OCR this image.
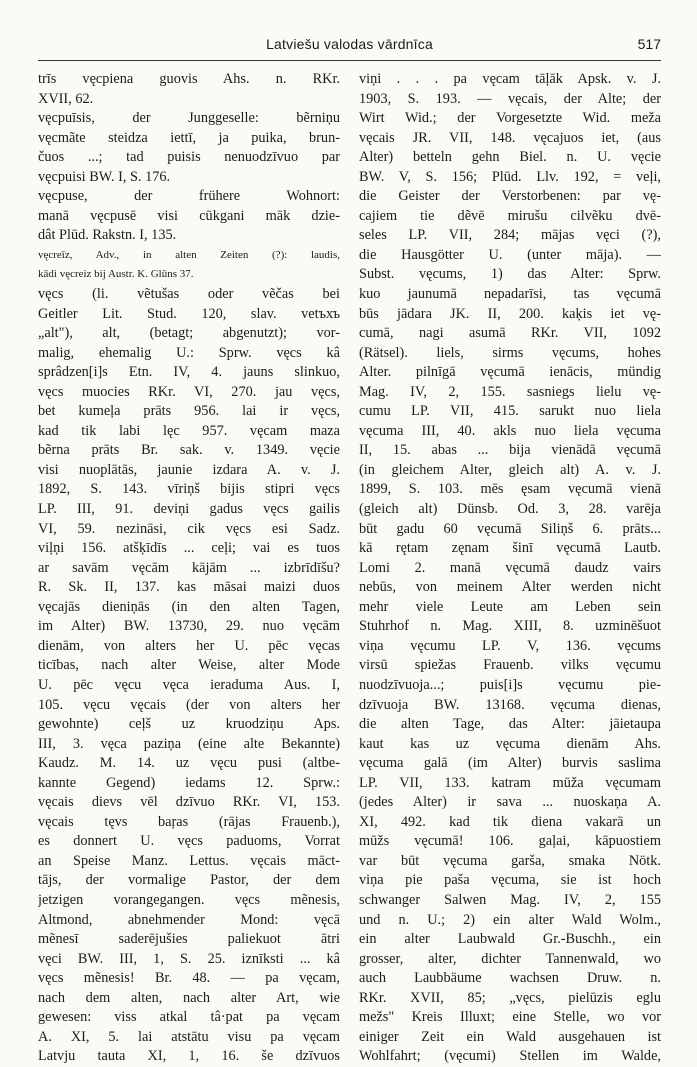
Latviešu valodas vārdnīca	517
trīs vęcpiena guovis Ahs. n. RKr.
XVII, 62.
vęcpuīsis, der Junggeselle: bẽrniņu
vęcmãte steidza iettī, ja puika, brun-
čuos ...; tad puisis nenuodzīvuo par
vęcpuisi BW. I, S. 176.
vęcpuse, der frühere Wohnort:
manā vęcpusē visi cūkgani māk dzie-
dât Plūd. Rakstn. I, 135.
vęcreīz, Adv., in alten Zeiten (?): laudis,
kādi vęcreiz bij Austr. K. Glūns 37.
vęcs (li. vẽtušas oder vẽčas bei
Geitler Lit. Stud. 120, slav. vetъхъ
„alt"), alt, (betagt; abgenutzt); vor-
malig, ehemalig U.: Sprw. vęcs kâ
sprâdzen[i]s Etn. IV, 4. jauns slinkuo,
vęcs muocies RKr. VI, 270. jau vęcs,
bet kumeļa prāts 956. lai ir vęcs,
kad tik labi lęc 957. vęcam maza
bẽrna prāts Br. sak. v. 1349. vęcie
visi nuoplātās, jaunie izdara A. v. J.
1892, S. 143. vīriņš bijis stipri vęcs
LP. III, 91. deviņi gadus vęcs gailis
VI, 59. nezināsi, cik vęcs esi Sadz.
viļņi 156. atšķīdīs ... ceļi; vai es tuos
ar savām vęcām kājām ... izbrīdīšu?
R. Sk. II, 137. kas māsai maizi duos
vęcajās dieniņās (in den alten Tagen,
im Alter) BW. 13730, 29. nuo vęcām
dienām, von alters her U. pēc vęcas
ticības, nach alter Weise, alter Mode
U. pēc vęcu vęca ieraduma Aus. I,
105. vęcu vęcais (der von alters her
gewohnte) ceļš uz kruodziņu Aps.
III, 3. vęca paziņa (eine alte Bekannte)
Kaudz. M. 14. uz vęcu pusi (altbe-
kannte Gegend) iedams 12. Sprw.:
vęcais dievs vēl dzīvuo RKr. VI, 153.
vęcais tęvs baŗas (rājas Frauenb.),
es donnert U. vęcs paduoms, Vorrat
an Speise Manz. Lettus. vęcais māct-
tājs, der vormalige Pastor, der dem
jetzigen vorangegangen. vęcs mẽnesis,
Altmond, abnehmender Mond: vęcā
mẽnesī saderējušies paliekuot ātri
vęci BW. III, 1, S. 25. iznīksti ... kâ
vęcs mẽnesis! Br. 48. — pa vęcam,
nach dem alten, nach alter Art, wie
gewesen: viss atkal tâ·pat pa vęcam
A. XI, 5. lai atstātu visu pa vęcam
Latvju tauta XI, 1, 16. še dzīvuos
viņi . . . pa vęcam tāļāk Apsk. v. J.
1903, S. 193. — vęcais, der Alte; der
Wirt Wid.; der Vorgesetzte Wid. meža
vęcais JR. VII, 148. vęcajuos iet, (aus
Alter) betteln gehn Biel. n. U. vęcie
BW. V, S. 156; Plūd. Llv. 192, = veļi,
die Geister der Verstorbenen: par vę-
cajiem tie dẽvē mirušu cilvẽku dvē-
seles LP. VII, 284; mājas vęci (?),
die Hausgötter U. (unter māja). —
Subst. vęcums, 1) das Alter: Sprw.
kuo jaunumā nepadarīsi, tas vęcumā
būs jādara JK. II, 200. kaķis iet vę-
cumā, nagi asumā RKr. VII, 1092
(Rätsel). liels, sirms vęcums, hohes
Alter. pilnīgā vęcumā ienācis, mündig
Mag. IV, 2, 155. sasniegs lielu vę-
cumu LP. VII, 415. sarukt nuo liela
vęcuma III, 40. akls nuo liela vęcuma
II, 15. abas ... bija vienādā vęcumā
(in gleichem Alter, gleich alt) A. v. J.
1899, S. 103. mēs ęsam vęcumā vienā
(gleich alt) Dünsb. Od. 3, 28. varēja
būt gadu 60 vęcumā Siliņš 6. prāts...
kā rętam zęnam šinī vęcumā Lautb.
Lomi 2. manā vęcumā daudz vairs
nebūs, von meinem Alter werden nicht
mehr viele Leute am Leben sein
Stuhrhof n. Mag. XIII, 8. uzminēšuot
viņa vęcumu LP. V, 136. vęcums
virsū spiežas Frauenb. vilks vęcumu
nuodzīvuoja...; puis[i]s vęcumu pie-
dzīvuoja BW. 13168. vęcuma dienas,
die alten Tage, das Alter: jāietaupa
kaut kas uz vęcuma dienām Ahs.
vęcuma galā (im Alter) burvis saslima
LP. VII, 133. katram mūža vęcumam
(jedes Alter) ir sava ... nuoskaņa A.
XI, 492. kad tik diena vakarā un
mūžs vęcumā! 106. gaļai, kāpuostiem
var būt vęcuma garša, smaka Nötk.
viņa pie paša vęcuma, sie ist hoch
schwanger Salwen Mag. IV, 2, 155
und n. U.; 2) ein alter Wald Wolm.,
ein alter Laubwald Gr.-Buschh., ein
grosser, alter, dichter Tannenwald, wo
auch Laubbäume wachsen Druw. n.
RKr. XVII, 85; „vęcs, pielūzis eglu
mežs" Kreis Illuxt; eine Stelle, wo vor
einiger Zeit ein Wald ausgehauen ist
Wohlfahrt; (vęcumi) Stellen im Walde,
